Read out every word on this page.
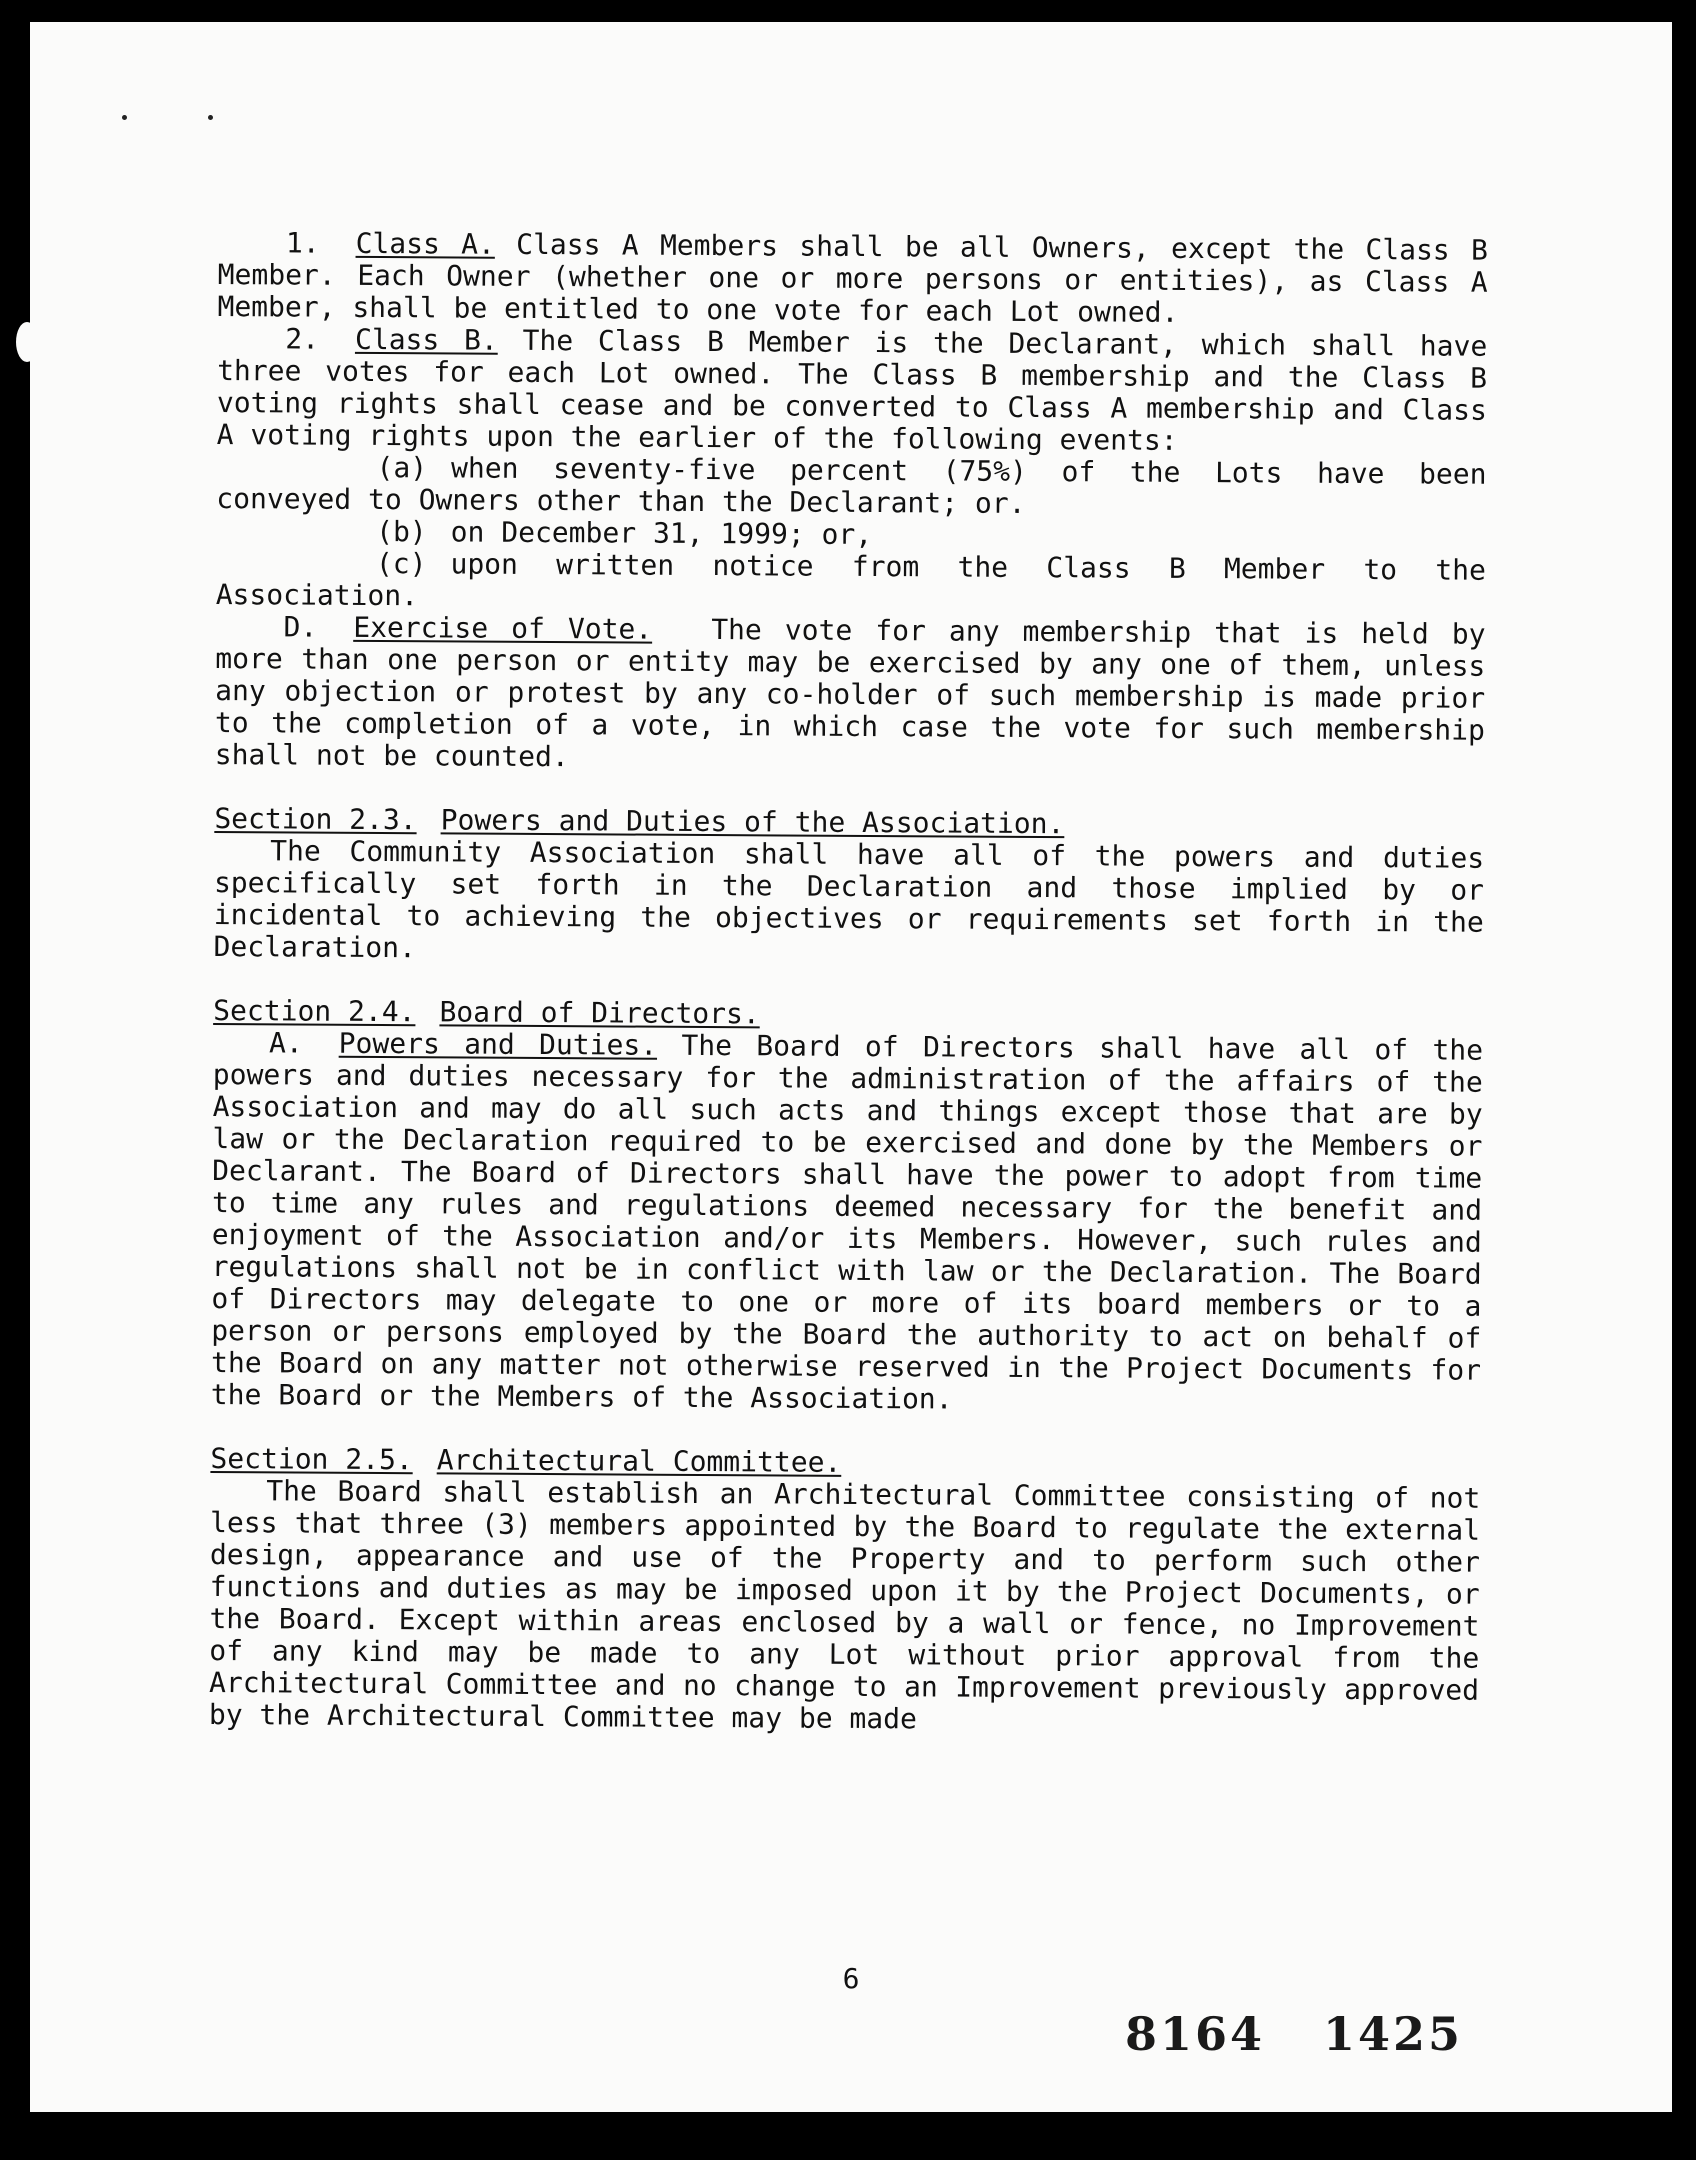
1. Class A. Class A Members shall be all Owners, except the Class B Member. Each Owner (whether one or more persons or entities), as Class A Member, shall be entitled to one vote for each Lot owned.

2. Class B. The Class B Member is the Declarant, which shall have three votes for each Lot owned. The Class B membership and the Class B voting rights shall cease and be converted to Class A membership and Class A voting rights upon the earlier of the following events:

(a) when seventy-five percent (75%) of the Lots have been conveyed to Owners other than the Declarant; or.

(b) on December 31, 1999; or,

(c) upon written notice from the Class B Member to the Association.

D. Exercise of Vote. The vote for any membership that is held by more than one person or entity may be exercised by any one of them, unless any objection or protest by any co-holder of such membership is made prior to the completion of a vote, in which case the vote for such membership shall not be counted.

Section 2.3. Powers and Duties of the Association.

The Community Association shall have all of the powers and duties specifically set forth in the Declaration and those implied by or incidental to achieving the objectives or requirements set forth in the Declaration.

Section 2.4. Board of Directors.

A. Powers and Duties. The Board of Directors shall have all of the powers and duties necessary for the administration of the affairs of the Association and may do all such acts and things except those that are by law or the Declaration required to be exercised and done by the Members or Declarant. The Board of Directors shall have the power to adopt from time to time any rules and regulations deemed necessary for the benefit and enjoyment of the Association and/or its Members. However, such rules and regulations shall not be in conflict with law or the Declaration. The Board of Directors may delegate to one or more of its board members or to a person or persons employed by the Board the authority to act on behalf of the Board on any matter not otherwise reserved in the Project Documents for the Board or the Members of the Association.

Section 2.5. Architectural Committee.

The Board shall establish an Architectural Committee consisting of not less that three (3) members appointed by the Board to regulate the external design, appearance and use of the Property and to perform such other functions and duties as may be imposed upon it by the Project Documents, or the Board. Except within areas enclosed by a wall or fence, no Improvement of any kind may be made to any Lot without prior approval from the Architectural Committee and no change to an Improvement previously approved by the Architectural Committee may be made

6
8164 1425
